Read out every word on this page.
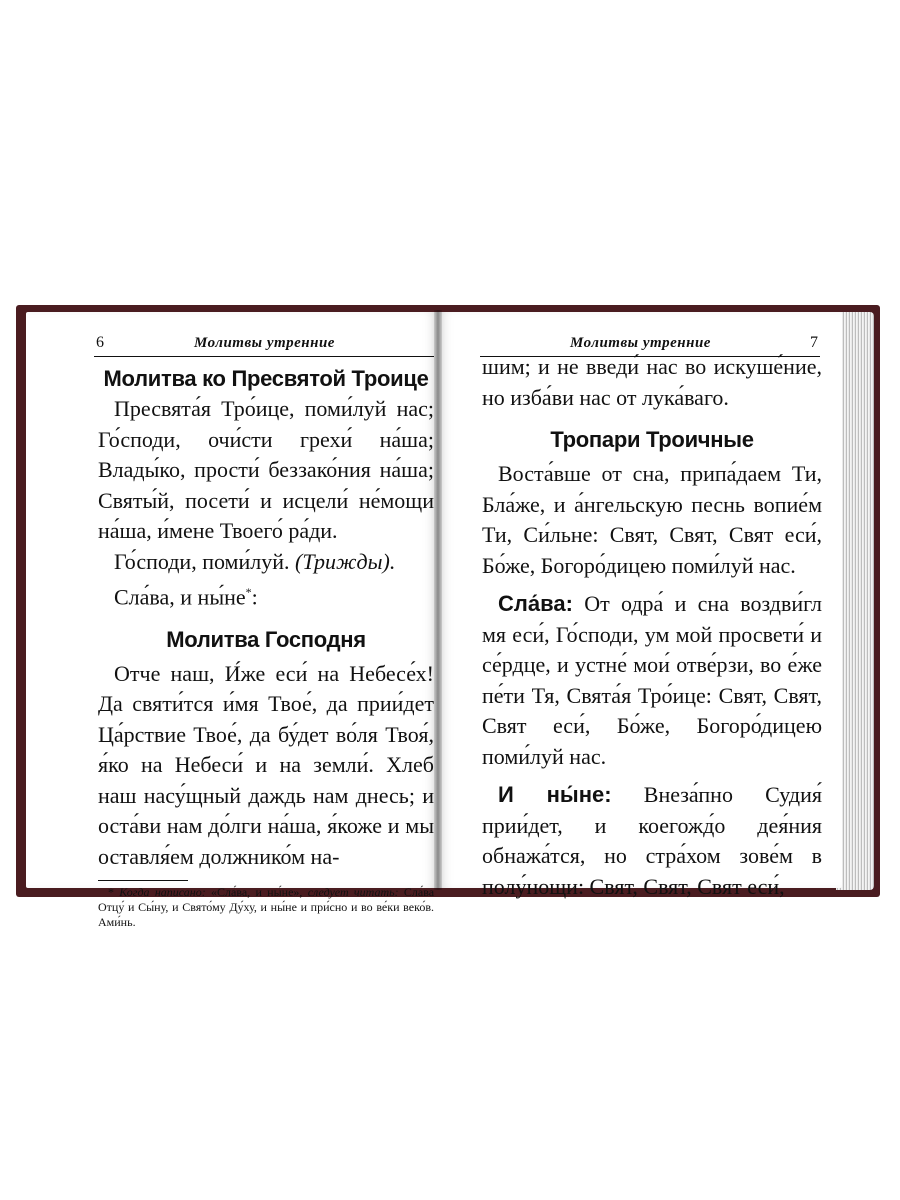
6	Молитвы утренние
Молитва ко Пресвятой Троице

Пресвята́я Тро́ице, поми́луй нас; Го́споди, очи́сти грехи́ на́ша; Влады́ко, прости́ беззако́ния на́ша; Святы́й, посети́ и исцели́ не́мощи на́ша, и́мене Твоего́ ра́ди.

Го́споди, поми́луй. (Трижды).

Сла́ва, и ны́не*:

Молитва Господня

Отче наш, И́же еси́ на Небесе́х! Да святи́тся и́мя Твое́, да прии́дет Ца́рствие Твое́, да бу́дет во́ля Твоя́, я́ко на Небеси́ и на земли́. Хлеб наш насу́щный даждь нам днесь; и оста́ви нам до́лги на́ша, я́коже и мы оставля́ем должнико́м на-

* Когда написано: «Сла́ва, и ны́не», следует читать: Сла́ва Отцу́ и Сы́ну, и Свято́му Ду́ху, и ны́не и при́сно и во ве́ки веко́в. Ами́нь.

Молитвы утренние	7

шим; и не введи́ нас во искуше́ние, но изба́ви нас от лука́ваго.

Тропари Троичные

Воста́вше от сна, припа́даем Ти, Бла́же, и а́нгельскую песнь вопие́м Ти, Си́льне: Свят, Свят, Свят еси́, Бо́же, Богоро́дицею поми́луй нас.

Сла́ва: От одра́ и сна воздви́гл мя еси́, Го́споди, ум мой просвети́ и се́рдце, и устне́ мои́ отве́рзи, во е́же пе́ти Тя, Свята́я Тро́ице: Свят, Свят, Свят еси́, Бо́же, Богоро́дицею поми́луй нас.

И ны́не: Внеза́пно Судия́ прии́дет, и коегожд́о дея́ния обнажа́тся, но стра́хом зове́м в полу́нощи: Свят, Свят, Свят еси́,
